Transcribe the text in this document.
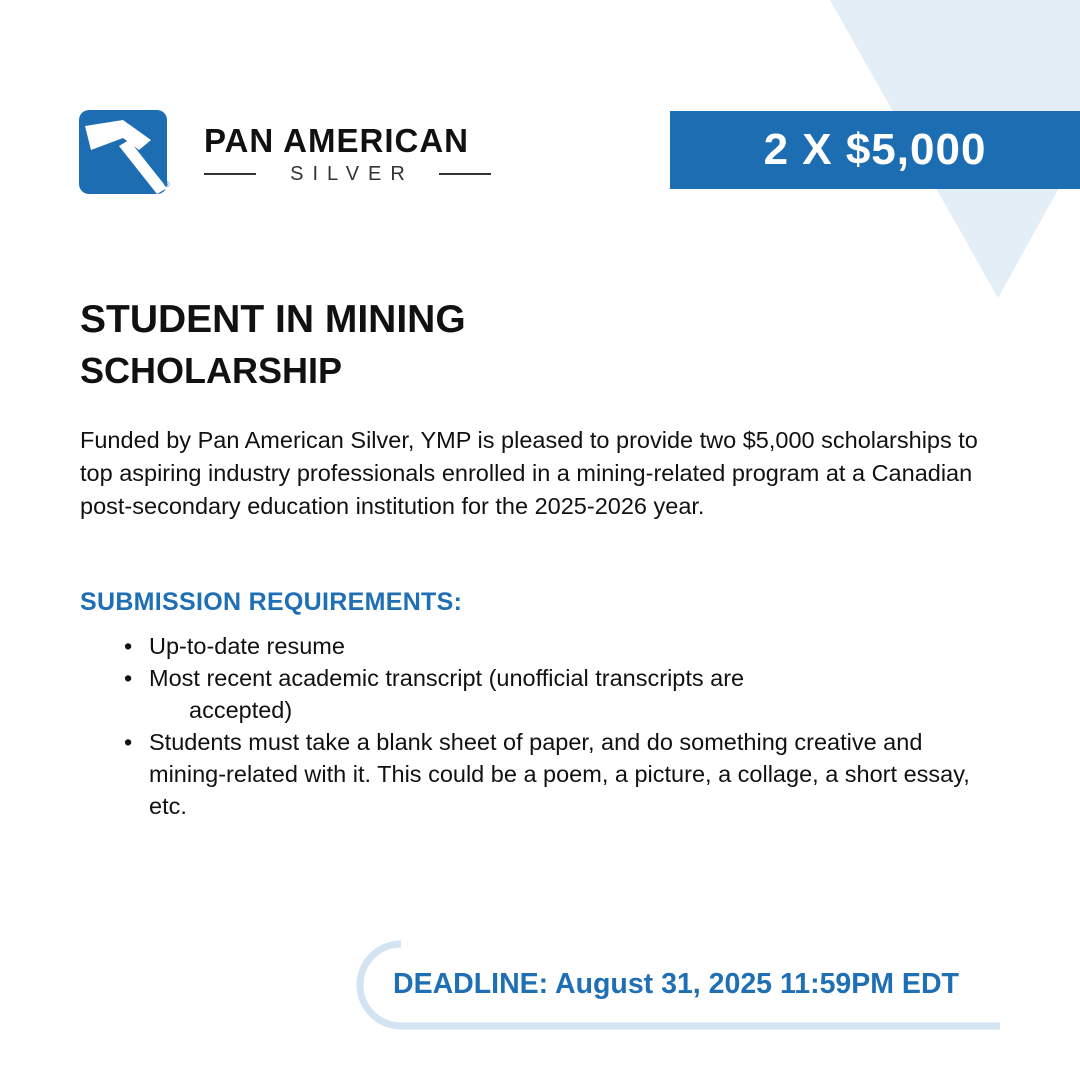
PAN AMERICAN
SILVER
®
2 X $5,000
STUDENT IN MINING
SCHOLARSHIP

Funded by Pan American Silver, YMP is pleased to provide two $5,000 scholarships to top aspiring industry professionals enrolled in a mining-related program at a Canadian post-secondary education institution for the 2025-2026 year.

SUBMISSION REQUIREMENTS:
• Up-to-date resume
• Most recent academic transcript (unofficial transcripts are
accepted)
• Students must take a blank sheet of paper, and do something creative and mining-related with it. This could be a poem, a picture, a collage, a short essay, etc.
DEADLINE: August 31, 2025 11:59PM EDT
